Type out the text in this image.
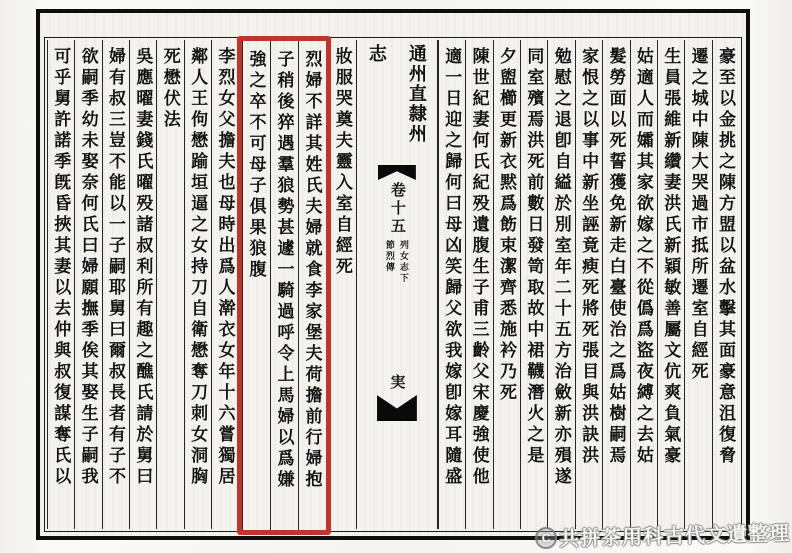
豪至以金挑之陳方盟以盆水擊其面豪意沮復脅
遷之城中陳大哭過市抵所遷室自經死
生員張維新纘妻洪氏新穎敏善屬文伉爽負氣豪
姑適人而孀其家欲嫁之不從僞爲盜夜縛之去姑
髮勞面以死誓獲免新走白臺使治之爲姑樹嗣焉
家恨之以事中新坐誣竟瘐死將死張目與洪訣洪
勉慰之退卽自縊於別室年二十五方治斂新亦殞遂
同室殯焉洪死前數日發笥取故中裙韈潛火之是
夕盥櫛更新衣黙爲飭束潔齊悉施衿乃死
陳世紀妻何氏紀殁遺腹生子甫三齡父宋慶強使他
適一日迎之歸何曰母凶笑歸父欲我嫁卽嫁耳隨盛
通州直隸州志
卷十五
列女志下
節烈傳
実
妝服哭奠夫靈入室自經死
烈婦不詳其姓氏夫婦就食李家堡夫荷擔前行婦抱
子稍後猝遇羣狼勢甚遽一騎過呼令上馬婦以爲嫌
強之卒不可母子俱果狼腹
李烈女父擔夫也母時出爲人澣衣女年十六嘗獨居
鄰人王佝懋踰垣逼之女持刀自衛懋奪刀刺女洞胸
死懋伏法
吳應曜妻錢氏曜殁諸叔利所有趣之醮氏請於舅曰
婦有叔三豈不能以一子嗣耶舅曰爾叔長者有子不
欲嗣季幼未娶奈何氏曰婦願撫季俟其娶生子嗣我
可乎舅許諾季旣昏挾其妻以去仲與叔復謀奪氏以
C 共拼茶用科古代文遺整理
